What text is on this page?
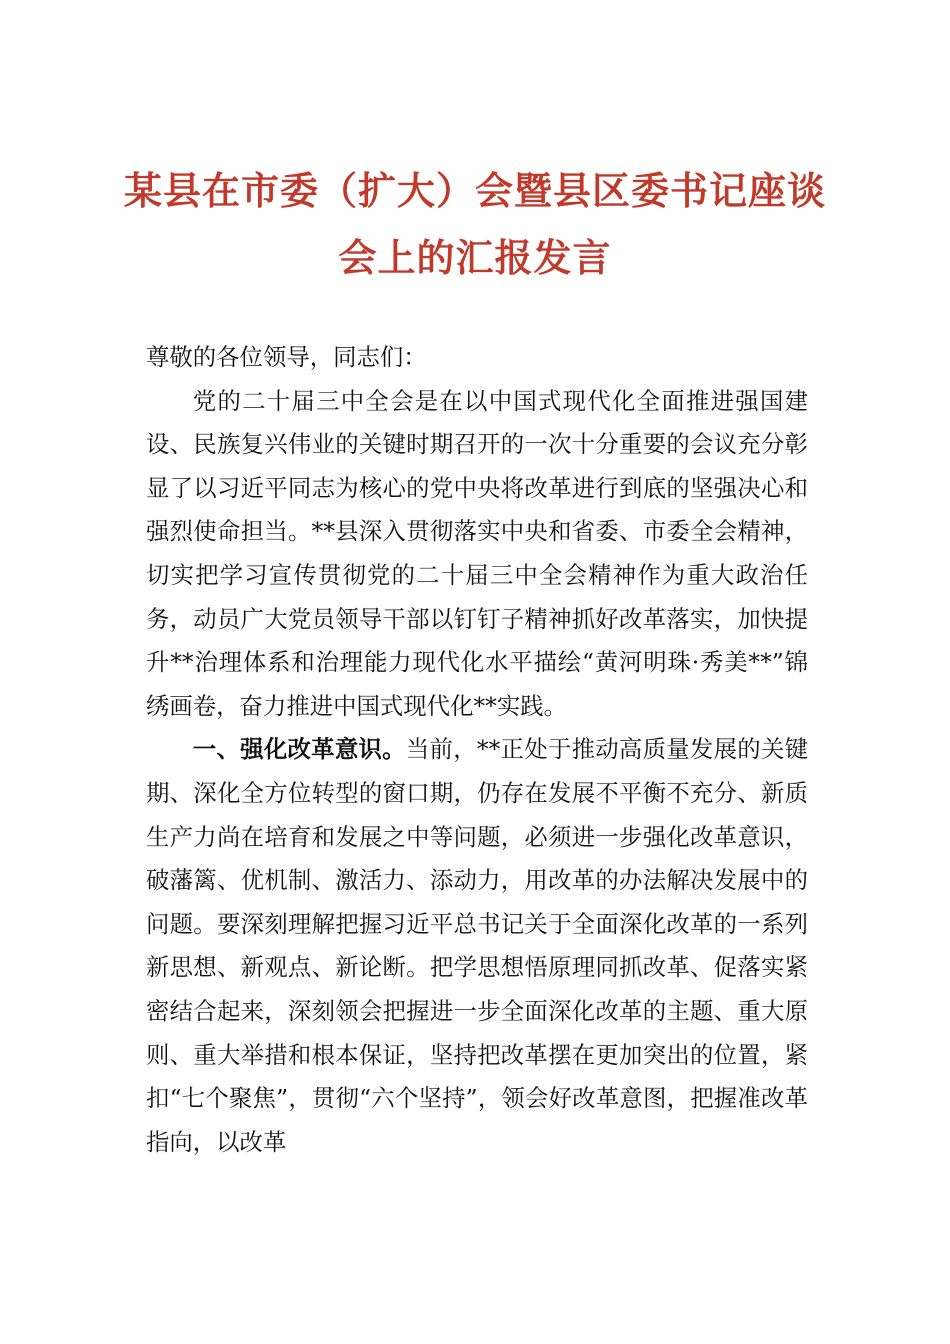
某县在市委（扩大）会暨县区委书记座谈
会上的汇报发言

尊敬的各位领导，同志们：

党的二十届三中全会是在以中国式现代化全面推进强国建设、民族复兴伟业的关键时期召开的一次十分重要的会议充分彰显了以习近平同志为核心的党中央将改革进行到底的坚强决心和强烈使命担当。**县深入贯彻落实中央和省委、市委全会精神，切实把学习宣传贯彻党的二十届三中全会精神作为重大政治任务，动员广大党员领导干部以钉钉子精神抓好改革落实，加快提升**治理体系和治理能力现代化水平描绘“黄河明珠·秀美**”锦绣画卷，奋力推进中国式现代化**实践。

一、强化改革意识。当前，**正处于推动高质量发展的关键期、深化全方位转型的窗口期，仍存在发展不平衡不充分、新质生产力尚在培育和发展之中等问题，必须进一步强化改革意识，破藩篱、优机制、激活力、添动力，用改革的办法解决发展中的问题。要深刻理解把握习近平总书记关于全面深化改革的一系列新思想、新观点、新论断。把学思想悟原理同抓改革、促落实紧密结合起来，深刻领会把握进一步全面深化改革的主题、重大原则、重大举措和根本保证，坚持把改革摆在更加突出的位置，紧扣“七个聚焦”，贯彻“六个坚持”，领会好改革意图，把握准改革指向，以改革
